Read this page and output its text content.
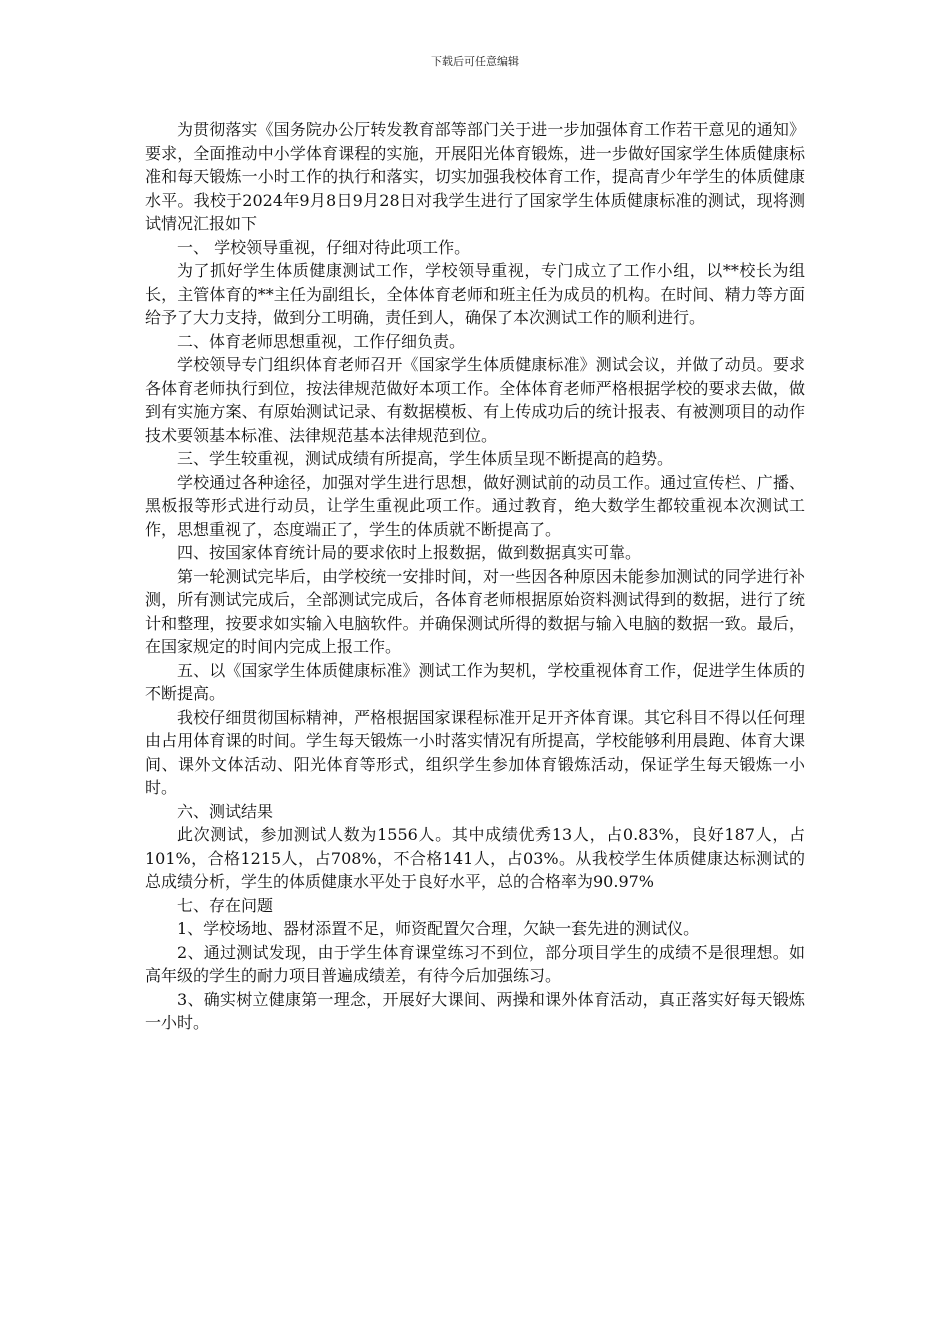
下载后可任意编辑

为贯彻落实《国务院办公厅转发教育部等部门关于进一步加强体育工作若干意见的通知》要求，全面推动中小学体育课程的实施，开展阳光体育锻炼，进一步做好国家学生体质健康标准和每天锻炼一小时工作的执行和落实，切实加强我校体育工作，提高青少年学生的体质健康水平。我校于2024年9月8日9月28日对我学生进行了国家学生体质健康标准的测试，现将测试情况汇报如下

一、 学校领导重视，仔细对待此项工作。

为了抓好学生体质健康测试工作，学校领导重视，专门成立了工作小组，以**校长为组长，主管体育的**主任为副组长，全体体育老师和班主任为成员的机构。在时间、精力等方面给予了大力支持，做到分工明确，责任到人，确保了本次测试工作的顺利进行。

二、体育老师思想重视，工作仔细负责。

学校领导专门组织体育老师召开《国家学生体质健康标准》测试会议，并做了动员。要求各体育老师执行到位，按法律规范做好本项工作。全体体育老师严格根据学校的要求去做，做到有实施方案、有原始测试记录、有数据模板、有上传成功后的统计报表、有被测项目的动作技术要领基本标准、法律规范基本法律规范到位。

三、学生较重视，测试成绩有所提高，学生体质呈现不断提高的趋势。

学校通过各种途径，加强对学生进行思想，做好测试前的动员工作。通过宣传栏、广播、黑板报等形式进行动员，让学生重视此项工作。通过教育，绝大数学生都较重视本次测试工作，思想重视了，态度端正了，学生的体质就不断提高了。

四、按国家体育统计局的要求依时上报数据，做到数据真实可靠。

第一轮测试完毕后，由学校统一安排时间，对一些因各种原因未能参加测试的同学进行补测，所有测试完成后，全部测试完成后，各体育老师根据原始资料测试得到的数据，进行了统计和整理，按要求如实输入电脑软件。并确保测试所得的数据与输入电脑的数据一致。最后，在国家规定的时间内完成上报工作。

五、以《国家学生体质健康标准》测试工作为契机，学校重视体育工作，促进学生体质的不断提高。

我校仔细贯彻国标精神，严格根据国家课程标准开足开齐体育课。其它科目不得以任何理由占用体育课的时间。学生每天锻炼一小时落实情况有所提高，学校能够利用晨跑、体育大课间、课外文体活动、阳光体育等形式，组织学生参加体育锻炼活动，保证学生每天锻炼一小时。

六、测试结果

此次测试，参加测试人数为1556人。其中成绩优秀13人，占0.83%，良好187人，占101%，合格1215人，占708%，不合格141人，占03%。从我校学生体质健康达标测试的总成绩分析，学生的体质健康水平处于良好水平，总的合格率为90.97%

七、存在问题

1、学校场地、器材添置不足，师资配置欠合理，欠缺一套先进的测试仪。

2、通过测试发现，由于学生体育课堂练习不到位，部分项目学生的成绩不是很理想。如高年级的学生的耐力项目普遍成绩差，有待今后加强练习。

3、确实树立健康第一理念，开展好大课间、两操和课外体育活动，真正落实好每天锻炼一小时。
